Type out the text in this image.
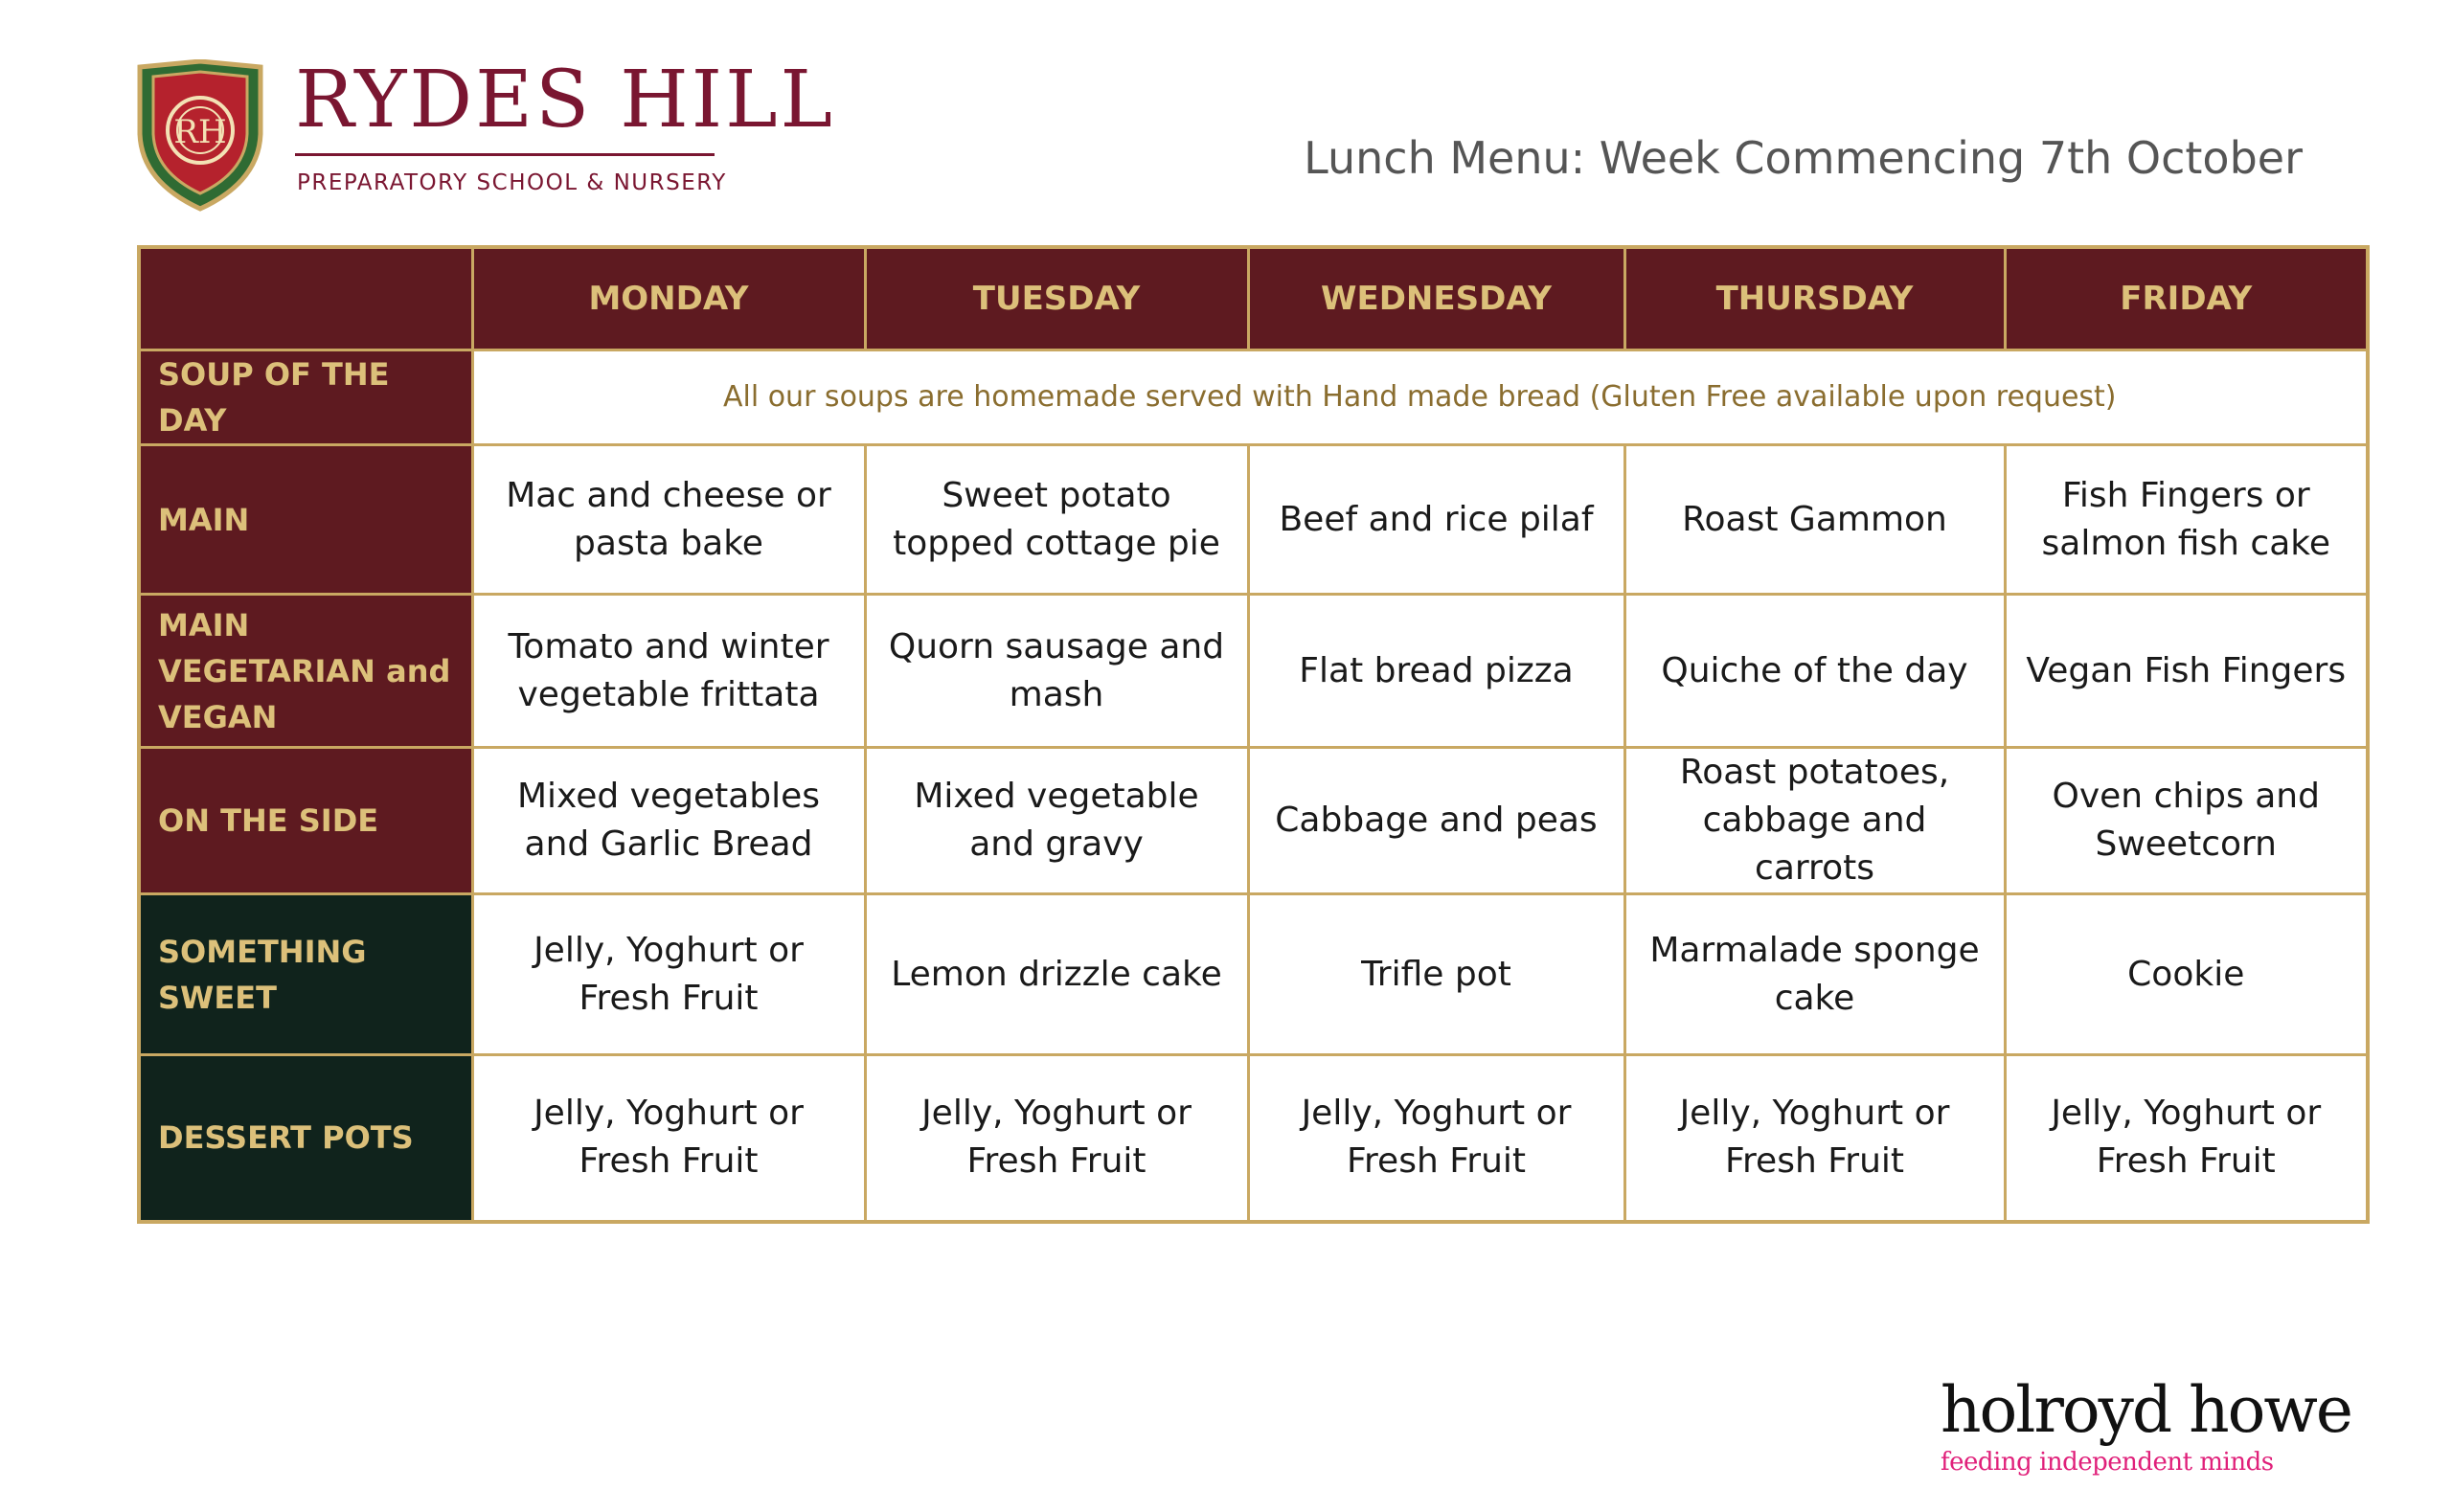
RH RYDES HILL
PREPARATORY SCHOOL & NURSERY	Lunch Menu: Week Commencing 7th October
	MONDAY	TUESDAY	WEDNESDAY	THURSDAY	FRIDAY
SOUP OF THE DAY	All our soups are homemade served with Hand made bread (Gluten Free available upon request)				
MAIN	Mac and cheese or pasta bake	Sweet potato topped cottage pie	Beef and rice pilaf	Roast Gammon	Fish Fingers or salmon fish cake
MAIN VEGETARIAN and VEGAN	Tomato and winter vegetable frittata	Quorn sausage and mash	Flat bread pizza	Quiche of the day	Vegan Fish Fingers
ON THE SIDE	Mixed vegetables and Garlic Bread	Mixed vegetable and gravy	Cabbage and peas	Roast potatoes, cabbage and carrots	Oven chips and Sweetcorn
SOMETHING SWEET	Jelly, Yoghurt or Fresh Fruit	Lemon drizzle cake	Trifle pot	Marmalade sponge cake	Cookie
DESSERT POTS	Jelly, Yoghurt or Fresh Fruit	Jelly, Yoghurt or Fresh Fruit	Jelly, Yoghurt or Fresh Fruit	Jelly, Yoghurt or Fresh Fruit	Jelly, Yoghurt or Fresh Fruit
holroyd howe
feeding independent minds
